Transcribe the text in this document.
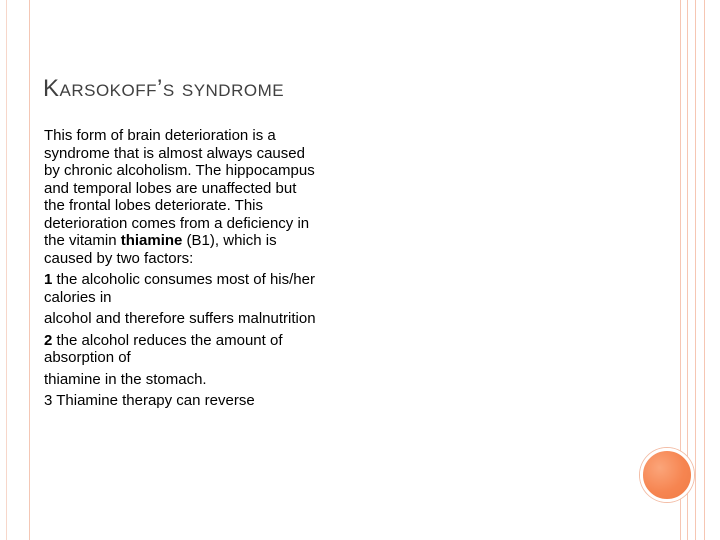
Karsokoff’s syndrome

This form of brain deterioration is a syndrome that is almost always caused by chronic alcoholism. The hippocampus and temporal lobes are unaffected but the frontal lobes deteriorate. This deterioration comes from a deficiency in the vitamin thiamine (B1), which is caused by two factors:

1 the alcoholic consumes most of his/her calories in

alcohol and therefore suffers malnutrition

2 the alcohol reduces the amount of absorption of

thiamine in the stomach.

3 Thiamine therapy can reverse
